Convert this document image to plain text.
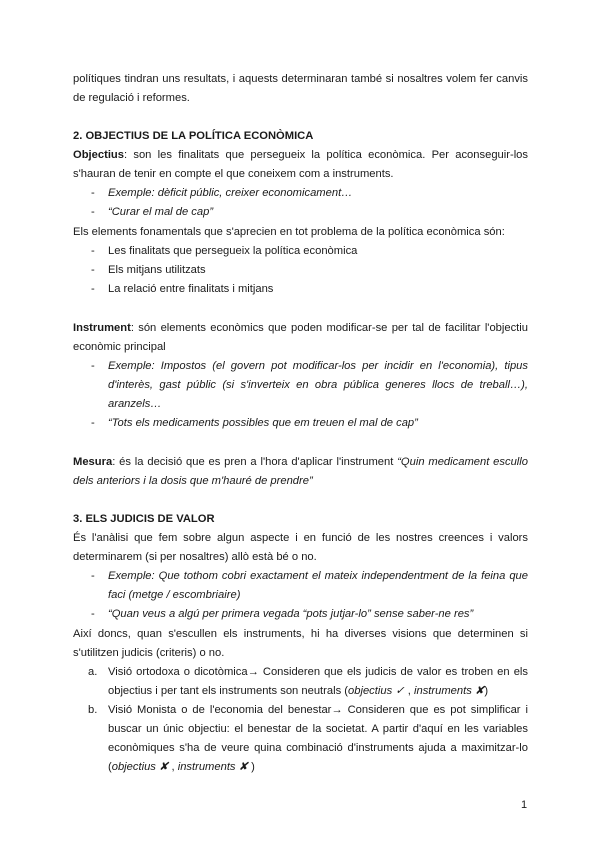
polítiques tindran uns resultats, i aquests determinaran també si nosaltres volem fer canvis de regulació i reformes.
2. OBJECTIUS DE LA POLÍTICA ECONÒMICA
Objectius: son les finalitats que persegueix la política econòmica. Per aconseguir-los s'hauran de tenir en compte el que coneixem com a instruments.
- Exemple: dèficit públic, creixer economicament…
- “Curar el mal de cap”
Els elements fonamentals que s'aprecien en tot problema de la política econòmica són:
- Les finalitats que persegueix la política econòmica
- Els mitjans utilitzats
- La relació entre finalitats i mitjans
Instrument: són elements econòmics que poden modificar-se per tal de facilitar l'objectiu econòmic principal
- Exemple: Impostos (el govern pot modificar-los per incidir en l'economia), tipus d'interès, gast públic (si s'inverteix en obra pública generes llocs de treball…), aranzels…
- “Tots els medicaments possibles que em treuen el mal de cap”
Mesura: és la decisió que es pren a l'hora d'aplicar l'instrument “Quin medicament escullo dels anteriors i la dosis que m'hauré de prendre”
3. ELS JUDICIS DE VALOR
És l'anàlisi que fem sobre algun aspecte i en funció de les nostres creences i valors determinarem (si per nosaltres) allò està bé o no.
- Exemple: Que tothom cobri exactament el mateix independentment de la feina que faci (metge / escombriaire)
- “Quan veus a algú per primera vegada “pots jutjar-lo” sense saber-ne res”
Així doncs, quan s'escullen els instruments, hi ha diverses visions que determinen si s'utilitzen judicis (criteris) o no.
a. Visió ortodoxa o dicotòmica→ Consideren que els judicis de valor es troben en els objectius i per tant els instruments son neutrals (objectius ✓ , instruments ✘)
b. Visió Monista o de l'economia del benestar→ Consideren que es pot simplificar i buscar un únic objectiu: el benestar de la societat. A partir d'aquí en les variables econòmiques s'ha de veure quina combinació d'instruments ajuda a maximitzar-lo (objectius ✘ , instruments ✘ )
1
